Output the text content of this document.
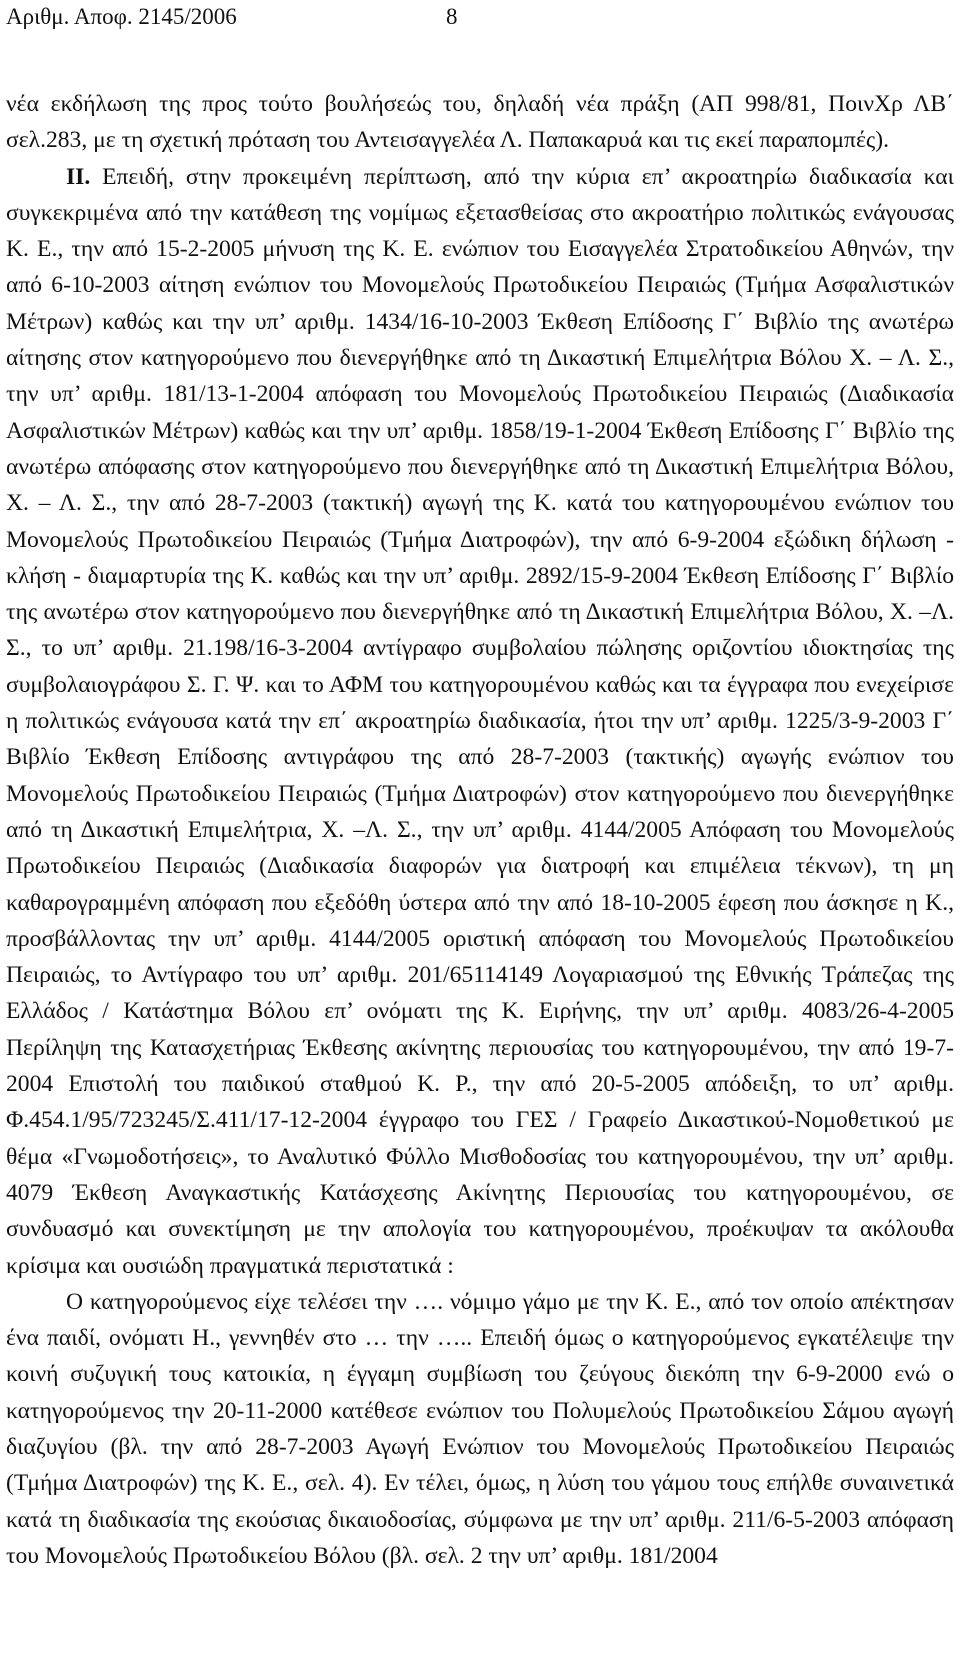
Αριθμ. Αποφ. 2145/2006	8

νέα εκδήλωση της προς τούτο βουλήσεώς του, δηλαδή νέα πράξη (ΑΠ 998/81, ΠοινΧρ ΛΒ΄ σελ.283, με τη σχετική πρόταση του Αντεισαγγελέα Λ. Παπακαρυά και τις εκεί παραπομπές).

ΙΙ. Επειδή, στην προκειμένη περίπτωση, από την κύρια επ’ ακροατηρίω διαδικασία και συγκεκριμένα από την κατάθεση της νομίμως εξετασθείσας στο ακροατήριο πολιτικώς ενάγουσας Κ. Ε., την από 15-2-2005 μήνυση της Κ. Ε. ενώπιον του Εισαγγελέα Στρατοδικείου Αθηνών, την από 6-10-2003 αίτηση ενώπιον του Μονομελούς Πρωτοδικείου Πειραιώς (Τμήμα Ασφαλιστικών Μέτρων) καθώς και την υπ’ αριθμ. 1434/16-10-2003 Έκθεση Επίδοσης Γ΄ Βιβλίο της ανωτέρω αίτησης στον κατηγορούμενο που διενεργήθηκε από τη Δικαστική Επιμελήτρια Βόλου Χ. – Λ. Σ., την υπ’ αριθμ. 181/13-1-2004 απόφαση του Μονομελούς Πρωτοδικείου Πειραιώς (Διαδικασία Ασφαλιστικών Μέτρων) καθώς και την υπ’ αριθμ. 1858/19-1-2004 Έκθεση Επίδοσης Γ΄ Βιβλίο της ανωτέρω απόφασης στον κατηγορούμενο που διενεργήθηκε από τη Δικαστική Επιμελήτρια Βόλου, Χ. – Λ. Σ., την από 28-7-2003 (τακτική) αγωγή της Κ. κατά του κατηγορουμένου ενώπιον του Μονομελούς Πρωτοδικείου Πειραιώς (Τμήμα Διατροφών), την από 6-9-2004 εξώδικη δήλωση - κλήση - διαμαρτυρία της Κ. καθώς και την υπ’ αριθμ. 2892/15-9-2004 Έκθεση Επίδοσης Γ΄ Βιβλίο της ανωτέρω στον κατηγορούμενο που διενεργήθηκε από τη Δικαστική Επιμελήτρια Βόλου, Χ. –Λ. Σ., το υπ’ αριθμ. 21.198/16-3-2004 αντίγραφο συμβολαίου πώλησης οριζοντίου ιδιοκτησίας της συμβολαιογράφου Σ. Γ. Ψ. και το ΑΦΜ του κατηγορουμένου καθώς και τα έγγραφα που ενεχείρισε η πολιτικώς ενάγουσα κατά την επ΄ ακροατηρίω διαδικασία, ήτοι την υπ’ αριθμ. 1225/3-9-2003 Γ΄ Βιβλίο Έκθεση Επίδοσης αντιγράφου της από 28-7-2003 (τακτικής) αγωγής ενώπιον του Μονομελούς Πρωτοδικείου Πειραιώς (Τμήμα Διατροφών) στον κατηγορούμενο που διενεργήθηκε από τη Δικαστική Επιμελήτρια, Χ. –Λ. Σ., την υπ’ αριθμ. 4144/2005 Απόφαση του Μονομελούς Πρωτοδικείου Πειραιώς (Διαδικασία διαφορών για διατροφή και επιμέλεια τέκνων), τη μη καθαρογραμμένη απόφαση που εξεδόθη ύστερα από την από 18-10-2005 έφεση που άσκησε η Κ., προσβάλλοντας την υπ’ αριθμ. 4144/2005 οριστική απόφαση του Μονομελούς Πρωτοδικείου Πειραιώς, το Αντίγραφο του υπ’ αριθμ. 201/65114149 Λογαριασμού της Εθνικής Τράπεζας της Ελλάδος / Κατάστημα Βόλου επ’ ονόματι της Κ. Ειρήνης, την υπ’ αριθμ. 4083/26-4-2005 Περίληψη της Κατασχετήριας Έκθεσης ακίνητης περιουσίας του κατηγορουμένου, την από 19-7-2004 Επιστολή του παιδικού σταθμού Κ. Ρ., την από 20-5-2005 απόδειξη, το υπ’ αριθμ. Φ.454.1/95/723245/Σ.411/17-12-2004 έγγραφο του ΓΕΣ / Γραφείο Δικαστικού-Νομοθετικού με θέμα «Γνωμοδοτήσεις», το Αναλυτικό Φύλλο Μισθοδοσίας του κατηγορουμένου, την υπ’ αριθμ. 4079 Έκθεση Αναγκαστικής Κατάσχεσης Ακίνητης Περιουσίας του κατηγορουμένου, σε συνδυασμό και συνεκτίμηση με την απολογία του κατηγορουμένου, προέκυψαν τα ακόλουθα κρίσιμα και ουσιώδη πραγματικά περιστατικά :

Ο κατηγορούμενος είχε τελέσει την …. νόμιμο γάμο με την Κ. Ε., από τον οποίο απέκτησαν ένα παιδί, ονόματι Η., γεννηθέν στο … την ….. Επειδή όμως ο κατηγορούμενος εγκατέλειψε την κοινή συζυγική τους κατοικία, η έγγαμη συμβίωση του ζεύγους διεκόπη την 6-9-2000 ενώ ο κατηγορούμενος την 20-11-2000 κατέθεσε ενώπιον του Πολυμελούς Πρωτοδικείου Σάμου αγωγή διαζυγίου (βλ. την από 28-7-2003 Αγωγή Ενώπιον του Μονομελούς Πρωτοδικείου Πειραιώς (Τμήμα Διατροφών) της Κ. Ε., σελ. 4). Εν τέλει, όμως, η λύση του γάμου τους επήλθε συναινετικά κατά τη διαδικασία της εκούσιας δικαιοδοσίας, σύμφωνα με την υπ’ αριθμ. 211/6-5-2003 απόφαση του Μονομελούς Πρωτοδικείου Βόλου (βλ. σελ. 2 την υπ’ αριθμ. 181/2004
